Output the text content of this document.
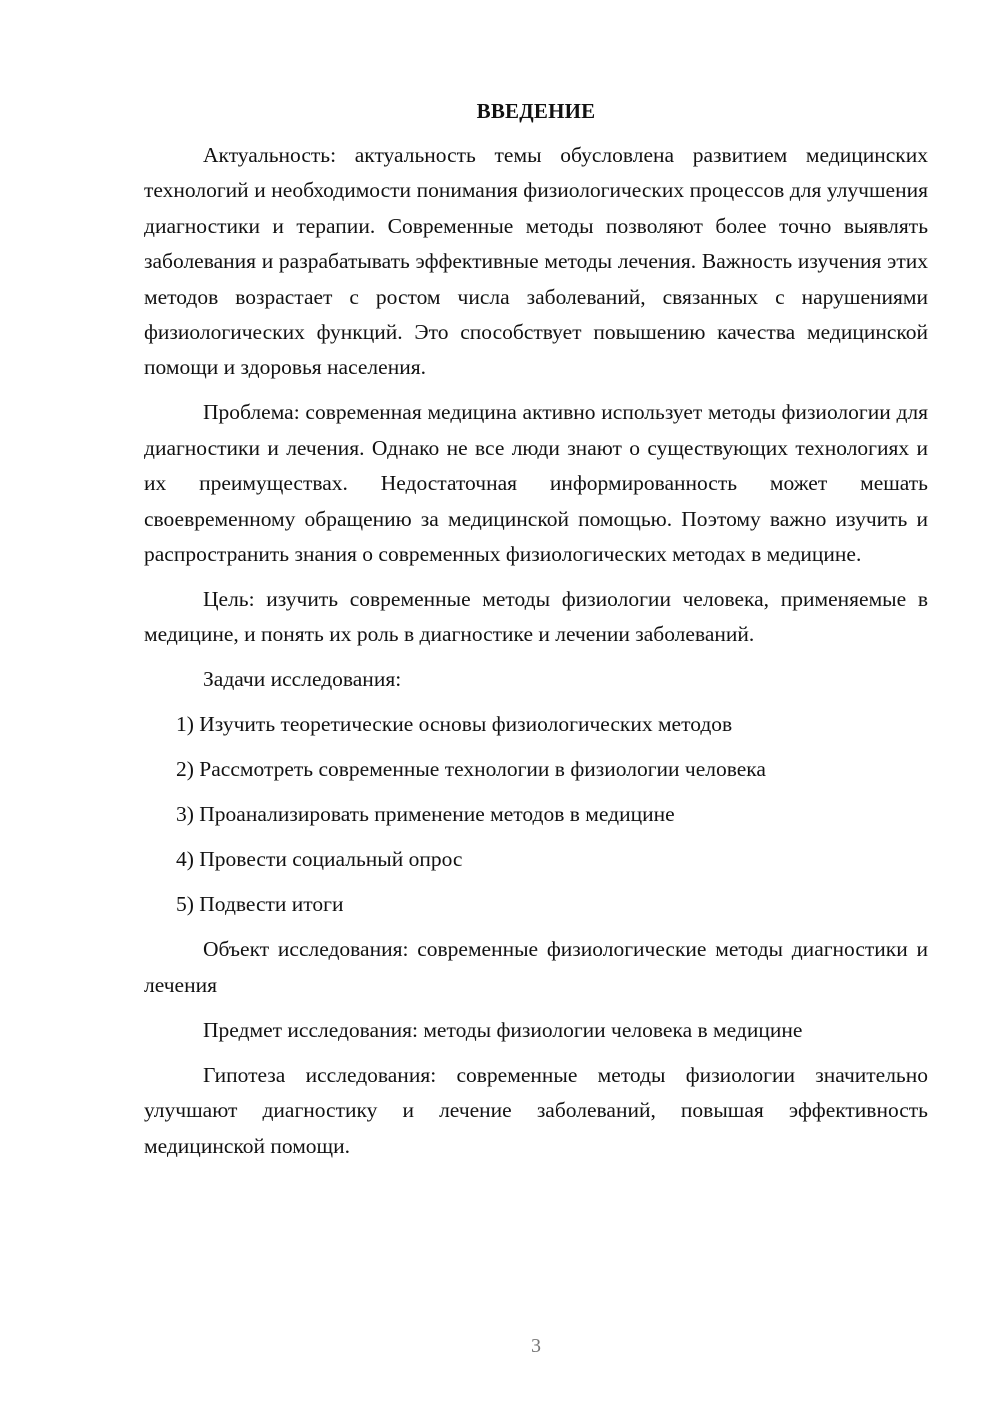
ВВЕДЕНИЕ

Актуальность: актуальность темы обусловлена развитием медицинских технологий и необходимости понимания физиологических процессов для улучшения диагностики и терапии. Современные методы позволяют более точно выявлять заболевания и разрабатывать эффективные методы лечения. Важность изучения этих методов возрастает с ростом числа заболеваний, связанных с нарушениями физиологических функций. Это способствует повышению качества медицинской помощи и здоровья населения.

Проблема: современная медицина активно использует методы физиологии для диагностики и лечения. Однако не все люди знают о существующих технологиях и их преимуществах. Недостаточная информированность может мешать своевременному обращению за медицинской помощью. Поэтому важно изучить и распространить знания о современных физиологических методах в медицине.

Цель: изучить современные методы физиологии человека, применяемые в медицине, и понять их роль в диагностике и лечении заболеваний.

Задачи исследования:

1) Изучить теоретические основы физиологических методов
2) Рассмотреть современные технологии в физиологии человека
3) Проанализировать применение методов в медицине
4) Провести социальный опрос
5) Подвести итоги

Объект исследования: современные физиологические методы диагностики и лечения

Предмет исследования: методы физиологии человека в медицине

Гипотеза исследования: современные методы физиологии значительно улучшают диагностику и лечение заболеваний, повышая эффективность медицинской помощи.

3
